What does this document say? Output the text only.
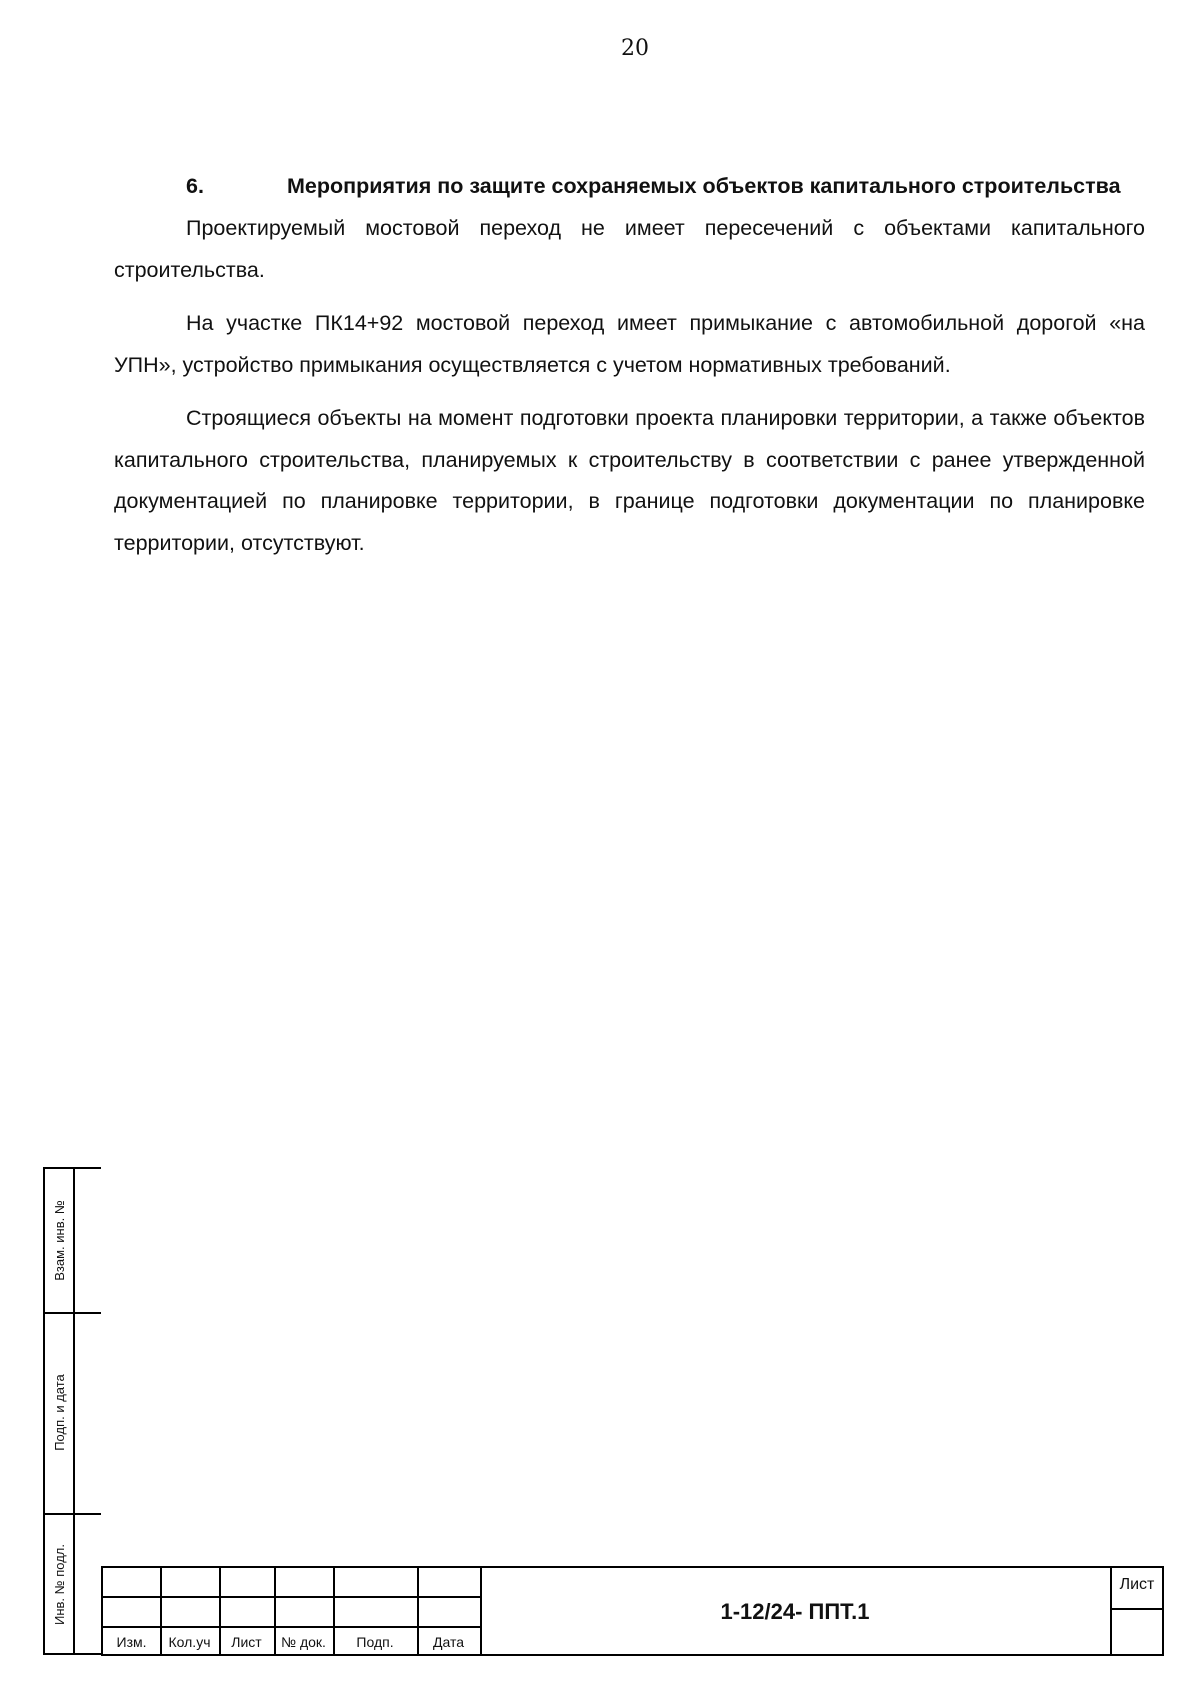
20

6.	Мероприятия по защите сохраняемых объектов капитального строительства

Проектируемый мостовой переход не имеет пересечений с объектами капитального строительства.

На участке ПК14+92 мостовой переход имеет примыкание с автомобильной дорогой «на УПН», устройство примыкания осуществляется с учетом нормативных требований.

Строящиеся объекты на момент подготовки проекта планировки территории, а также объектов капитального строительства, планируемых к строительству в соответствии с ранее утвержденной документацией по планировке территории, в границе подготовки документации по планировке территории, отсутствуют.

Взам. инв. №
Подп. и дата
Инв. № подл.
Изм.	Кол.уч	Лист	№ док.	Подп.	Дата
1-12/24- ППТ.1
Лист
